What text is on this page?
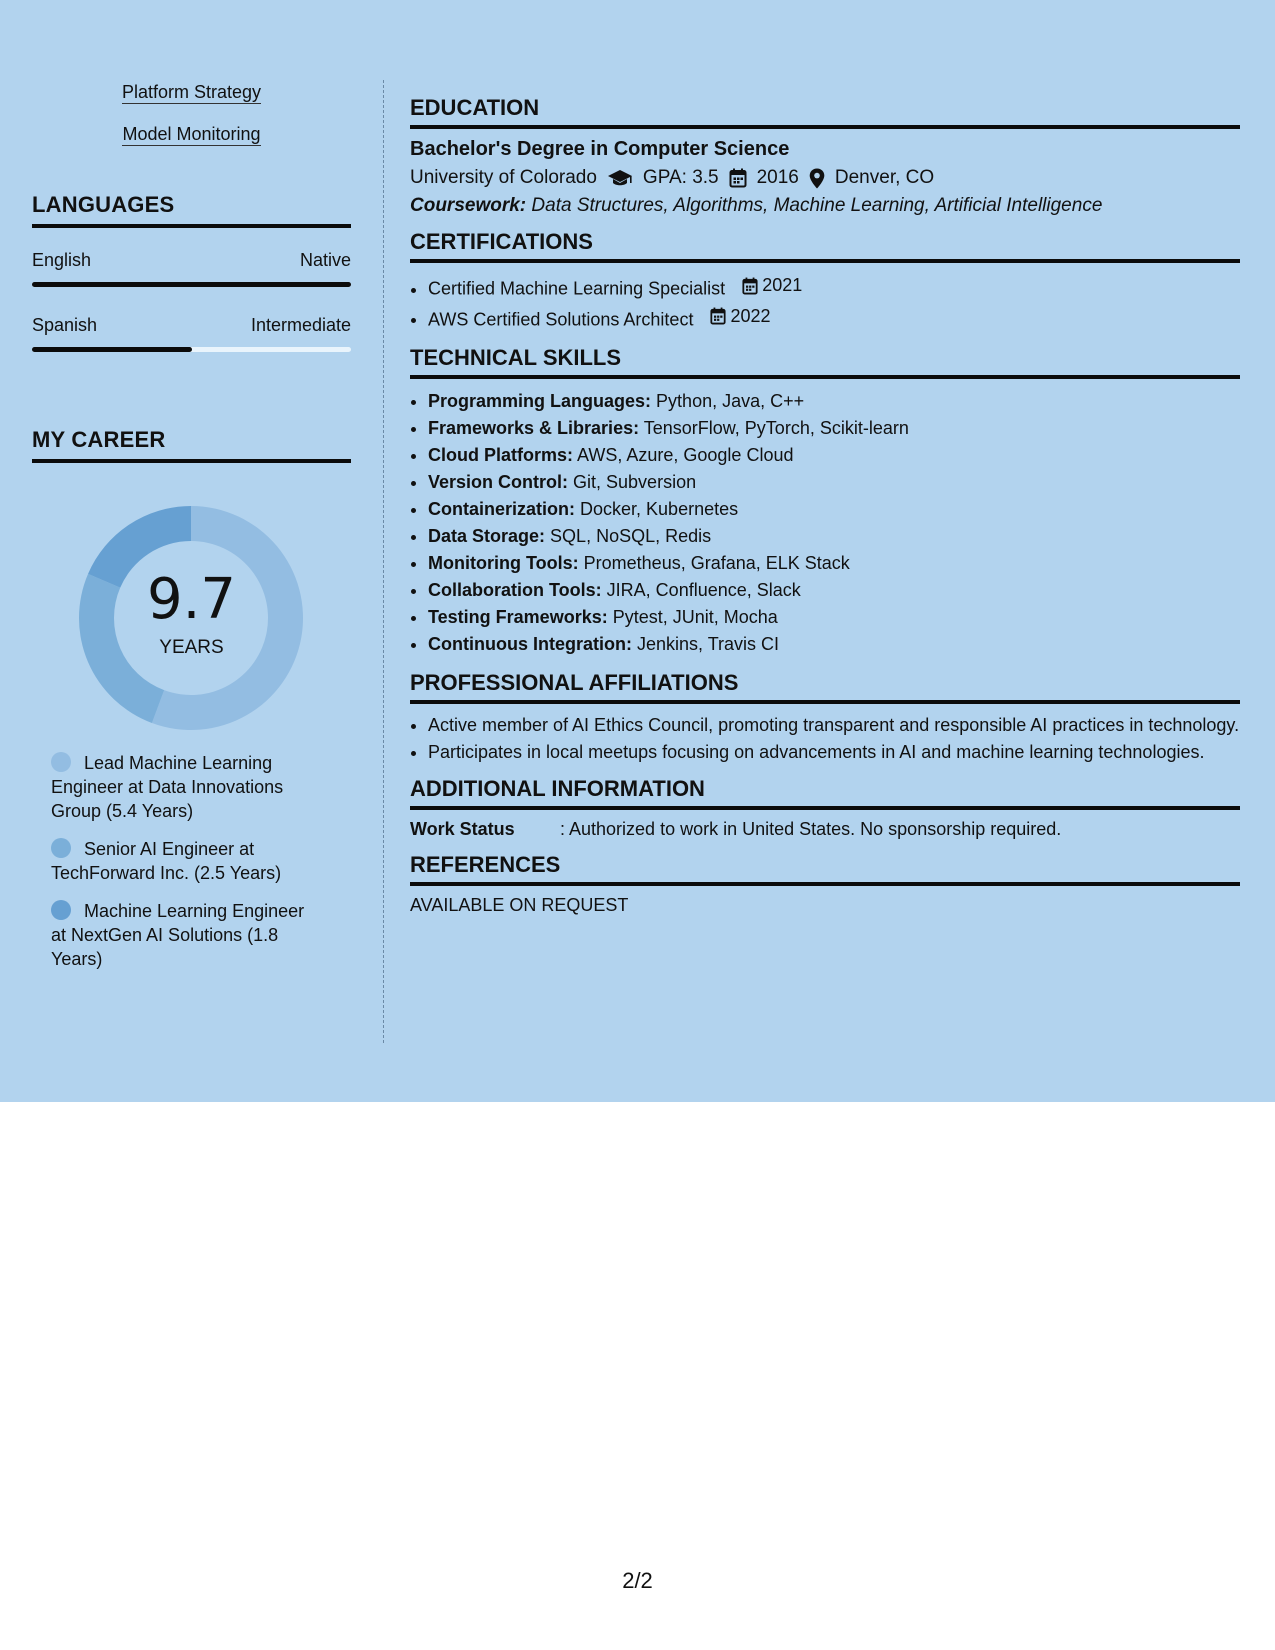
Platform Strategy
Model Monitoring
LANGUAGES
English	Native
Spanish	Intermediate
MY CAREER
9.7
YEARS
Lead Machine Learning Engineer at Data Innovations Group (5.4 Years)
Senior AI Engineer at TechForward Inc. (2.5 Years)
Machine Learning Engineer at NextGen AI Solutions (1.8 Years)
EDUCATION
Bachelor's Degree in Computer Science
University of Colorado GPA: 3.5 2016 Denver, CO
Coursework: Data Structures, Algorithms, Machine Learning, Artificial Intelligence
CERTIFICATIONS
• Certified Machine Learning Specialist 2021
• AWS Certified Solutions Architect 2022
TECHNICAL SKILLS
• Programming Languages: Python, Java, C++
• Frameworks & Libraries: TensorFlow, PyTorch, Scikit-learn
• Cloud Platforms: AWS, Azure, Google Cloud
• Version Control: Git, Subversion
• Containerization: Docker, Kubernetes
• Data Storage: SQL, NoSQL, Redis
• Monitoring Tools: Prometheus, Grafana, ELK Stack
• Collaboration Tools: JIRA, Confluence, Slack
• Testing Frameworks: Pytest, JUnit, Mocha
• Continuous Integration: Jenkins, Travis CI
PROFESSIONAL AFFILIATIONS
• Active member of AI Ethics Council, promoting transparent and responsible AI practices in technology.
• Participates in local meetups focusing on advancements in AI and machine learning technologies.
ADDITIONAL INFORMATION
Work Status	: Authorized to work in United States. No sponsorship required.
REFERENCES
AVAILABLE ON REQUEST
2/2
